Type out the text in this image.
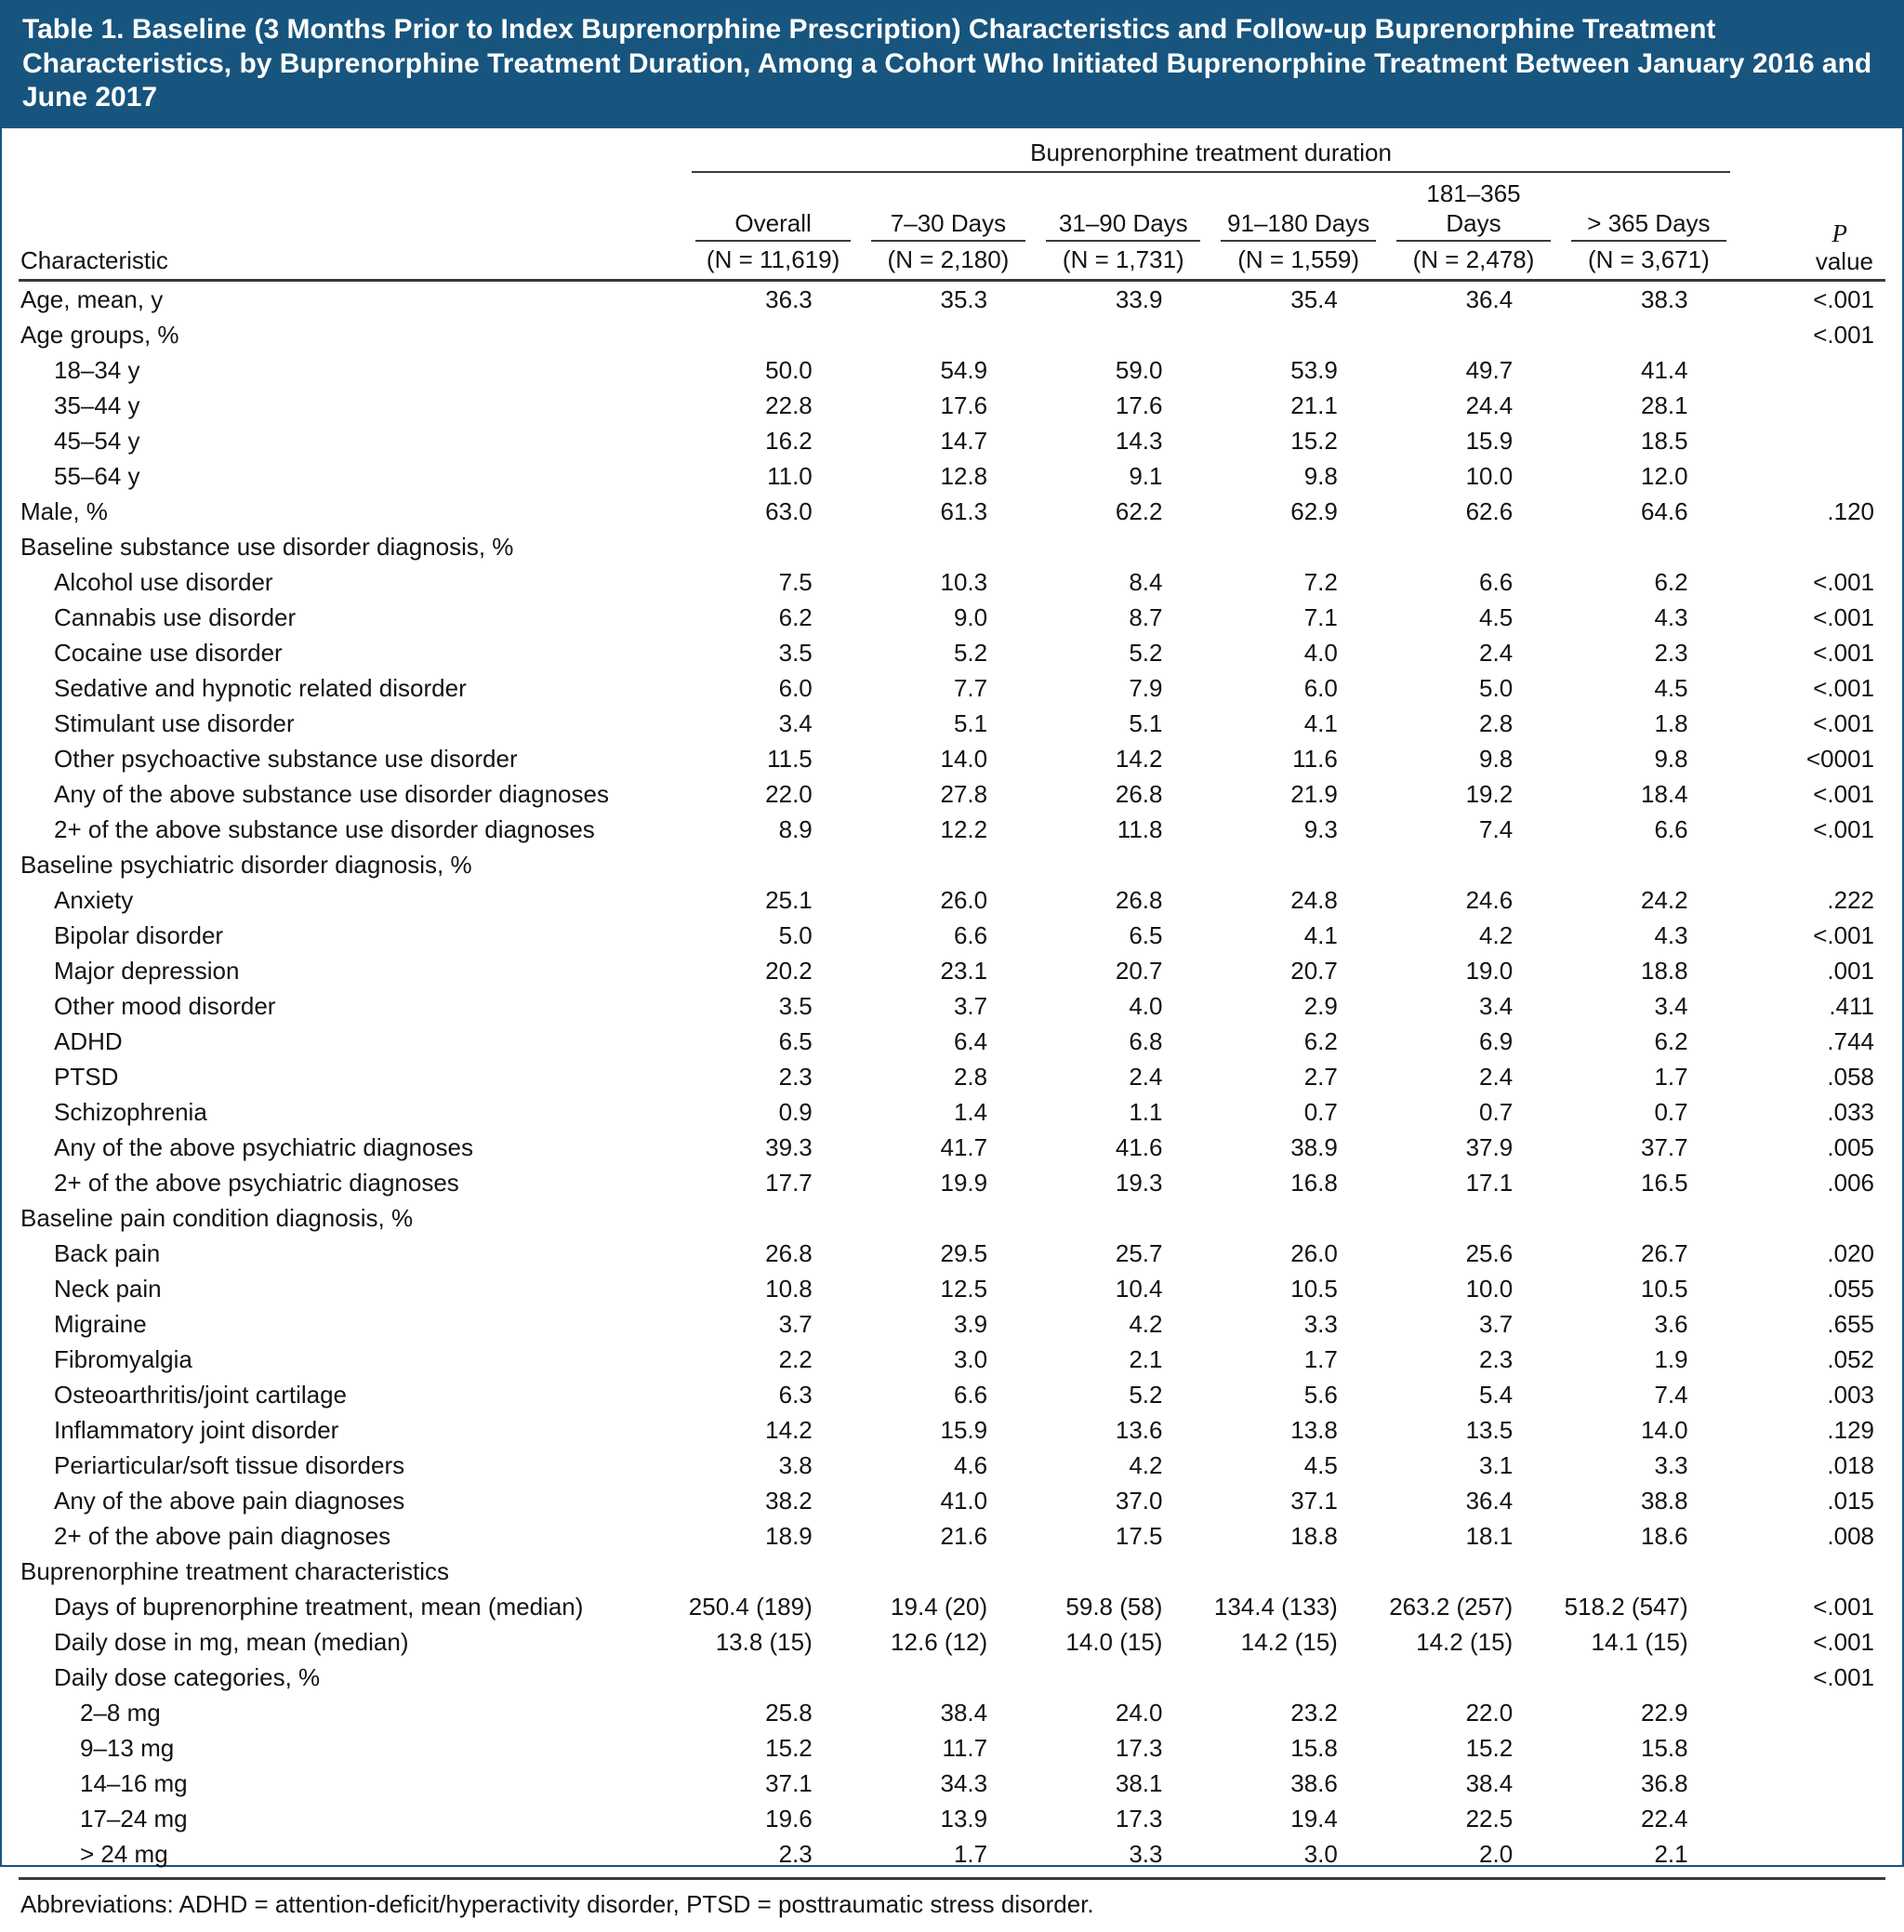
Table 1. Baseline (3 Months Prior to Index Buprenorphine Prescription) Characteristics and Follow-up Buprenorphine Treatment Characteristics, by Buprenorphine Treatment Duration, Among a Cohort Who Initiated Buprenorphine Treatment Between January 2016 and June 2017

	Buprenorphine treatment duration						

Characteristic	Overall	7–30 Days	31–90 Days	91–180 Days	181–365 Days	> 365 Days	P
value

	(N = 11,619)	(N = 2,180)	(N = 1,731)	(N = 1,559)	(N = 2,478)	(N = 3,671)	
Age, mean, y	36.3	35.3	33.9	35.4	36.4	38.3	<.001
Age groups, %							<.001
18–34 y	50.0	54.9	59.0	53.9	49.7	41.4	
35–44 y	22.8	17.6	17.6	21.1	24.4	28.1	
45–54 y	16.2	14.7	14.3	15.2	15.9	18.5	
55–64 y	11.0	12.8	9.1	9.8	10.0	12.0	
Male, %	63.0	61.3	62.2	62.9	62.6	64.6	.120
Baseline substance use disorder diagnosis, %							
Alcohol use disorder	7.5	10.3	8.4	7.2	6.6	6.2	<.001
Cannabis use disorder	6.2	9.0	8.7	7.1	4.5	4.3	<.001
Cocaine use disorder	3.5	5.2	5.2	4.0	2.4	2.3	<.001
Sedative and hypnotic related disorder	6.0	7.7	7.9	6.0	5.0	4.5	<.001
Stimulant use disorder	3.4	5.1	5.1	4.1	2.8	1.8	<.001
Other psychoactive substance use disorder	11.5	14.0	14.2	11.6	9.8	9.8	<0001
Any of the above substance use disorder diagnoses	22.0	27.8	26.8	21.9	19.2	18.4	<.001
2+ of the above substance use disorder diagnoses	8.9	12.2	11.8	9.3	7.4	6.6	<.001
Baseline psychiatric disorder diagnosis, %							
Anxiety	25.1	26.0	26.8	24.8	24.6	24.2	.222
Bipolar disorder	5.0	6.6	6.5	4.1	4.2	4.3	<.001
Major depression	20.2	23.1	20.7	20.7	19.0	18.8	.001
Other mood disorder	3.5	3.7	4.0	2.9	3.4	3.4	.411
ADHD	6.5	6.4	6.8	6.2	6.9	6.2	.744
PTSD	2.3	2.8	2.4	2.7	2.4	1.7	.058
Schizophrenia	0.9	1.4	1.1	0.7	0.7	0.7	.033
Any of the above psychiatric diagnoses	39.3	41.7	41.6	38.9	37.9	37.7	.005
2+ of the above psychiatric diagnoses	17.7	19.9	19.3	16.8	17.1	16.5	.006
Baseline pain condition diagnosis, %							
Back pain	26.8	29.5	25.7	26.0	25.6	26.7	.020
Neck pain	10.8	12.5	10.4	10.5	10.0	10.5	.055
Migraine	3.7	3.9	4.2	3.3	3.7	3.6	.655
Fibromyalgia	2.2	3.0	2.1	1.7	2.3	1.9	.052
Osteoarthritis/joint cartilage	6.3	6.6	5.2	5.6	5.4	7.4	.003
Inflammatory joint disorder	14.2	15.9	13.6	13.8	13.5	14.0	.129
Periarticular/soft tissue disorders	3.8	4.6	4.2	4.5	3.1	3.3	.018
Any of the above pain diagnoses	38.2	41.0	37.0	37.1	36.4	38.8	.015
2+ of the above pain diagnoses	18.9	21.6	17.5	18.8	18.1	18.6	.008
Buprenorphine treatment characteristics							
Days of buprenorphine treatment, mean (median)	250.4 (189)	19.4 (20)	59.8 (58)	134.4 (133)	263.2 (257)	518.2 (547)	<.001
Daily dose in mg, mean (median)	13.8 (15)	12.6 (12)	14.0 (15)	14.2 (15)	14.2 (15)	14.1 (15)	<.001
Daily dose categories, %							<.001
2–8 mg	25.8	38.4	24.0	23.2	22.0	22.9	
9–13 mg	15.2	11.7	17.3	15.8	15.2	15.8	
14–16 mg	37.1	34.3	38.1	38.6	38.4	36.8	
17–24 mg	19.6	13.9	17.3	19.4	22.5	22.4	
> 24 mg	2.3	1.7	3.3	3.0	2.0	2.1	
Abbreviations: ADHD = attention-deficit/hyperactivity disorder, PTSD = posttraumatic stress disorder.
